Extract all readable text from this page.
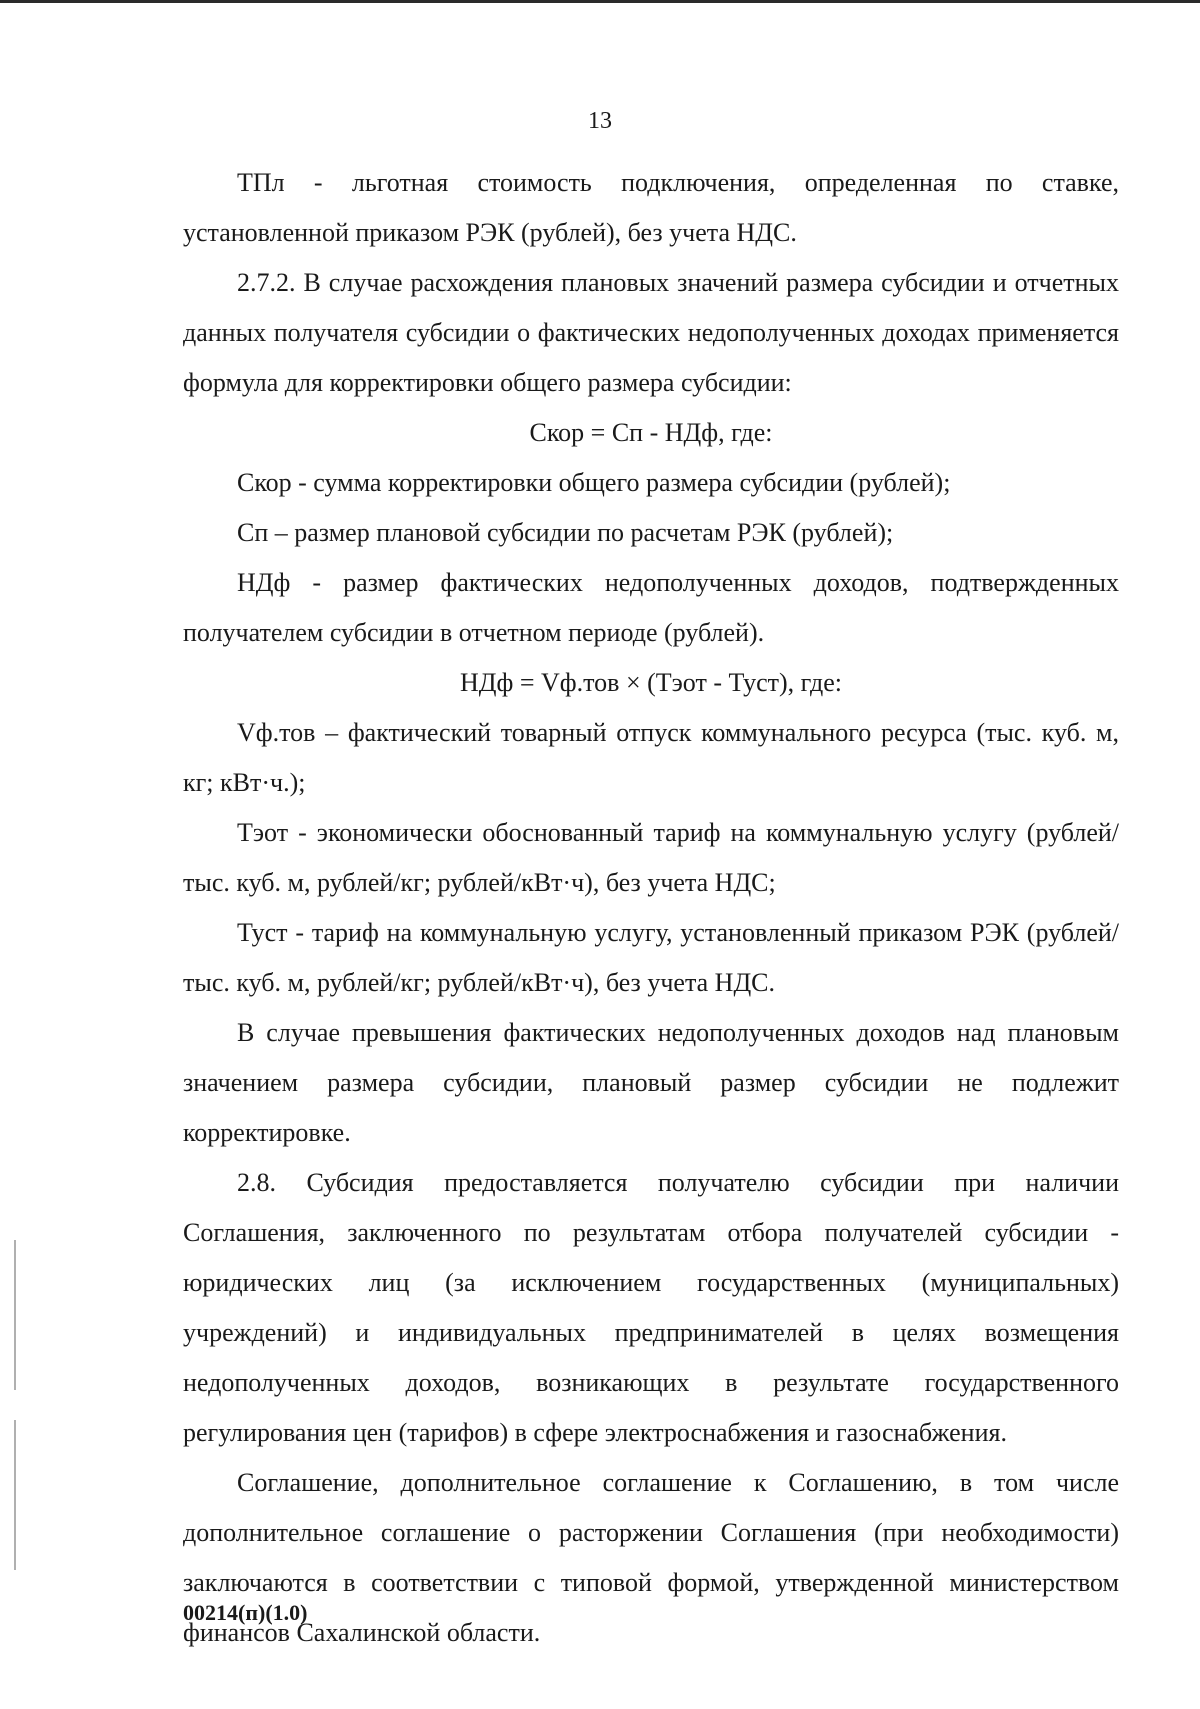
13

ТПл - льготная стоимость подключения, определенная по ставке, установленной приказом РЭК (рублей), без учета НДС.

2.7.2. В случае расхождения плановых значений размера субсидии и отчетных данных получателя субсидии о фактических недополученных доходах применяется формула для корректировки общего размера субсидии:

Скор = Сп - НДф, где:

Скор - сумма корректировки общего размера субсидии (рублей);

Сп – размер плановой субсидии по расчетам РЭК (рублей);

НДф - размер фактических недополученных доходов, подтвержденных получателем субсидии в отчетном периоде (рублей).

НДф = Vф.тов × (Тэот - Туст), где:

Vф.тов – фактический товарный отпуск коммунального ресурса (тыс. куб. м, кг; кВт·ч.);

Тэот - экономически обоснованный тариф на коммунальную услугу (рублей/тыс. куб. м, рублей/кг; рублей/кВт·ч), без учета НДС;

Туст - тариф на коммунальную услугу, установленный приказом РЭК (рублей/тыс. куб. м, рублей/кг; рублей/кВт·ч), без учета НДС.

В случае превышения фактических недополученных доходов над плановым значением размера субсидии, плановый размер субсидии не подлежит корректировке.

2.8. Субсидия предоставляется получателю субсидии при наличии Соглашения, заключенного по результатам отбора получателей субсидии - юридических лиц (за исключением государственных (муниципальных) учреждений) и индивидуальных предпринимателей в целях возмещения недополученных доходов, возникающих в результате государственного регулирования цен (тарифов) в сфере электроснабжения и газоснабжения.

Соглашение, дополнительное соглашение к Соглашению, в том числе дополнительное соглашение о расторжении Соглашения (при необходимости) заключаются в соответствии с типовой формой, утвержденной министерством финансов Сахалинской области.

00214(п)(1.0)
